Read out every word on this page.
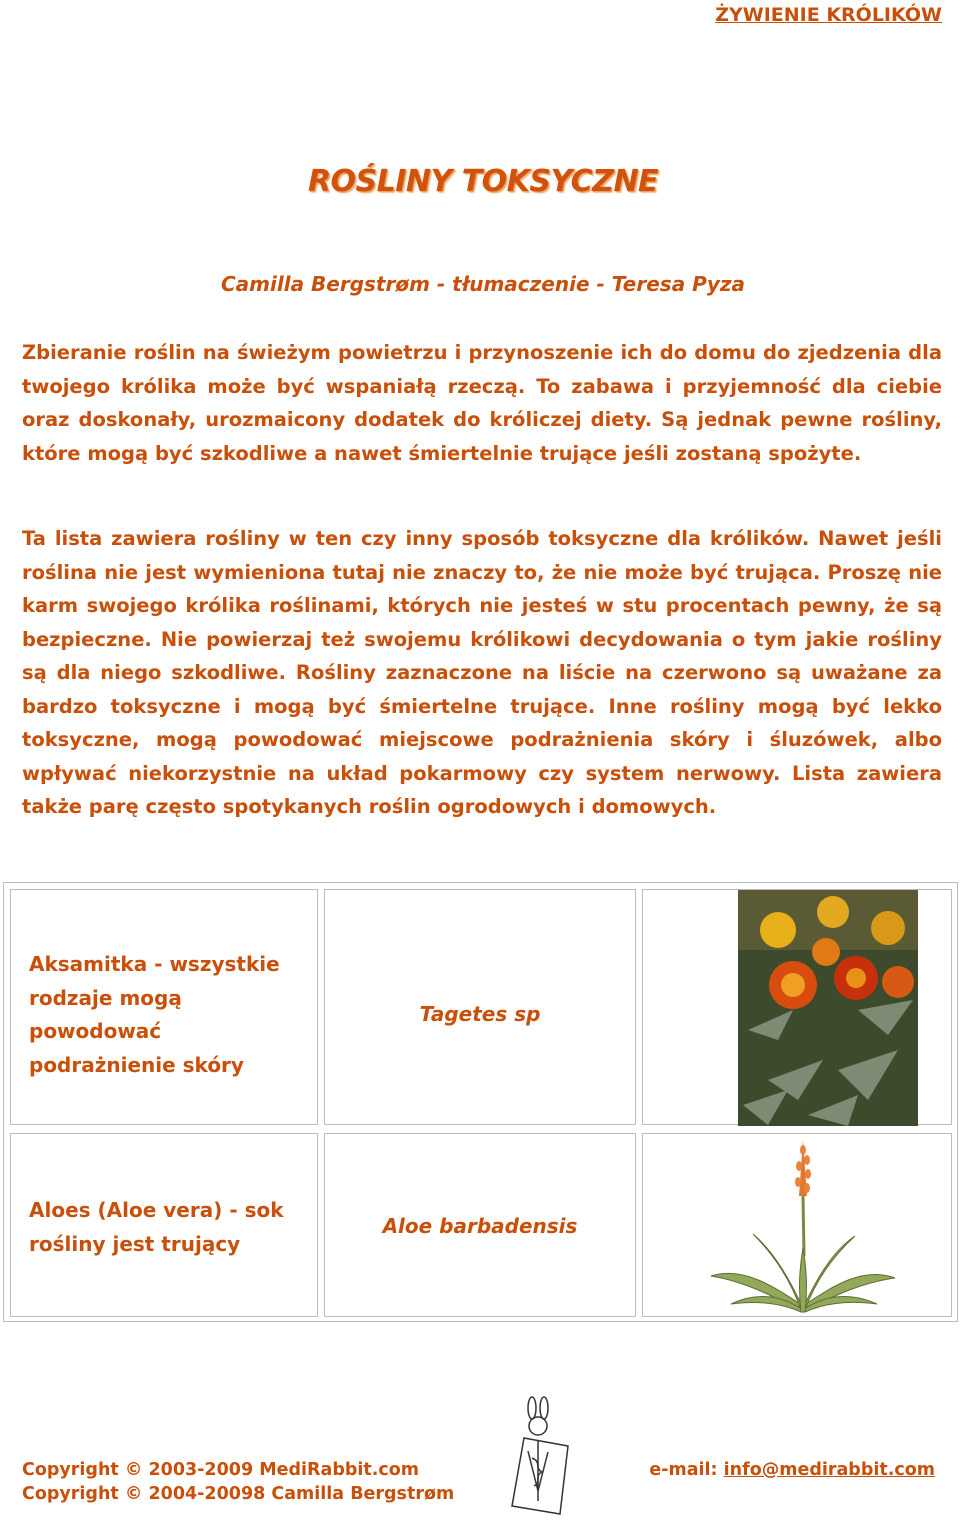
ŻYWIENIE KRÓLIKÓW
ROŚLINY TOKSYCZNE
Camilla Bergstrøm - tłumaczenie - Teresa Pyza

Zbieranie roślin na świeżym powietrzu i przynoszenie ich do domu do zjedzenia dla twojego królika może być wspaniałą rzeczą. To zabawa i przyjemność dla ciebie oraz doskonały, urozmaicony dodatek do króliczej diety. Są jednak pewne rośliny, które mogą być szkodliwe a nawet śmiertelnie trujące jeśli zostaną spożyte.

Ta lista zawiera rośliny w ten czy inny sposób toksyczne dla królików. Nawet jeśli roślina nie jest wymieniona tutaj nie znaczy to, że nie może być trująca. Proszę nie karm swojego królika roślinami, których nie jesteś w stu procentach pewny, że są bezpieczne. Nie powierzaj też swojemu królikowi decydowania o tym jakie rośliny są dla niego szkodliwe. Rośliny zaznaczone na liście na czerwono są uważane za bardzo toksyczne i mogą być śmiertelne trujące. Inne rośliny mogą być lekko toksyczne, mogą powodować miejscowe podrażnienia skóry i śluzówek, albo wpływać niekorzystnie na układ pokarmowy czy system nerwowy. Lista zawiera także parę często spotykanych roślin ogrodowych i domowych.

Aksamitka - wszystkie
rodzaje mogą
powodować
podrażnienie skóry
Tagetes sp
Aloes (Aloe vera) - sok
rośliny jest trujący
Aloe barbadensis
Copyright © 2003-2009 MediRabbit.com
Copyright © 2004-20098 Camilla Bergstrøm
e-mail: info@medirabbit.com
